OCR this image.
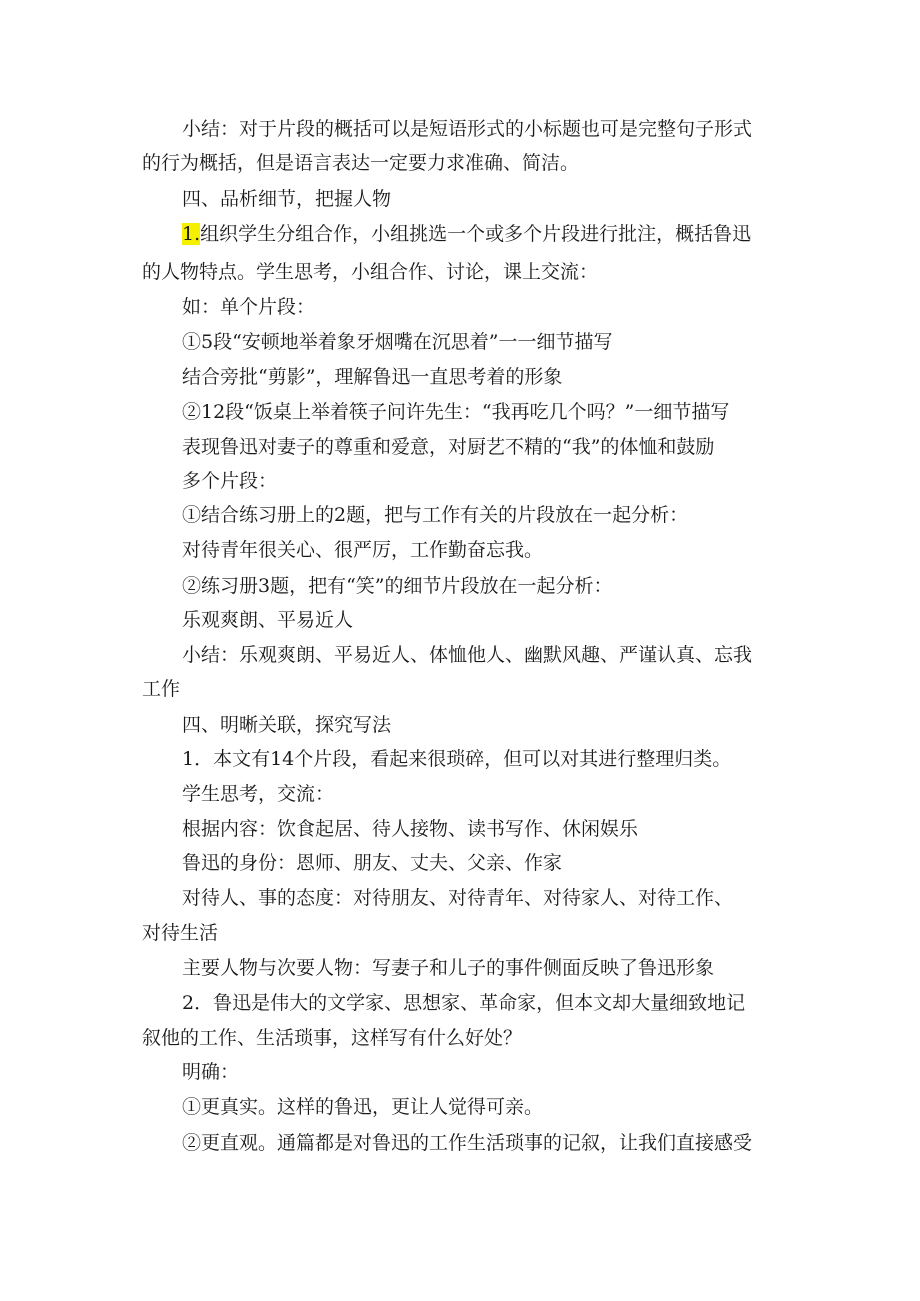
小结：对于片段的概括可以是短语形式的小标题也可是完整句子形式
的行为概括，但是语言表达一定要力求准确、简洁。
四、品析细节，把握人物
1.组织学生分组合作，小组挑选一个或多个片段进行批注，概括鲁迅
的人物特点。学生思考，小组合作、讨论，课上交流：
如：单个片段：
①5段“安顿地举着象牙烟嘴在沉思着”一一细节描写
结合旁批“剪影”，理解鲁迅一直思考着的形象
②12段“饭桌上举着筷子问许先生：“我再吃几个吗？”一细节描写
表现鲁迅对妻子的尊重和爱意，对厨艺不精的“我”的体恤和鼓励
多个片段：
①结合练习册上的2题，把与工作有关的片段放在一起分析：
对待青年很关心、很严厉，工作勤奋忘我。
②练习册3题，把有“笑”的细节片段放在一起分析：
乐观爽朗、平易近人
小结：乐观爽朗、平易近人、体恤他人、幽默风趣、严谨认真、忘我
工作
四、明晰关联，探究写法
1．本文有14个片段，看起来很琐碎，但可以对其进行整理归类。
学生思考，交流：
根据内容：饮食起居、待人接物、读书写作、休闲娱乐
鲁迅的身份：恩师、朋友、丈夫、父亲、作家
对待人、事的态度：对待朋友、对待青年、对待家人、对待工作、
对待生活
主要人物与次要人物：写妻子和儿子的事件侧面反映了鲁迅形象
2．鲁迅是伟大的文学家、思想家、革命家，但本文却大量细致地记
叙他的工作、生活琐事，这样写有什么好处？
明确：
①更真实。这样的鲁迅，更让人觉得可亲。
②更直观。通篇都是对鲁迅的工作生活琐事的记叙，让我们直接感受
